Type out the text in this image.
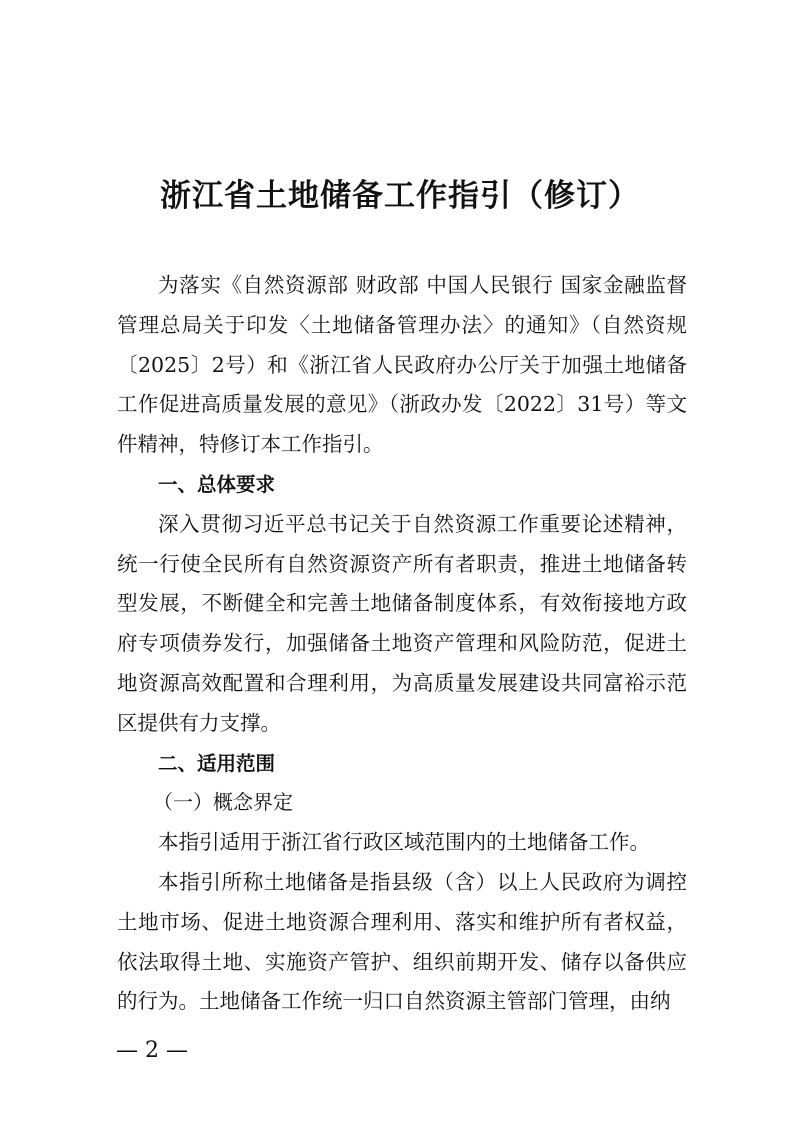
浙江省土地储备工作指引（修订）

为落实《自然资源部 财政部 中国人民银行 国家金融监督管理总局关于印发〈土地储备管理办法〉的通知》（自然资规〔2025〕2号）和《浙江省人民政府办公厅关于加强土地储备工作促进高质量发展的意见》（浙政办发〔2022〕31号）等文件精神，特修订本工作指引。

一、总体要求

深入贯彻习近平总书记关于自然资源工作重要论述精神，统一行使全民所有自然资源资产所有者职责，推进土地储备转型发展，不断健全和完善土地储备制度体系，有效衔接地方政府专项债券发行，加强储备土地资产管理和风险防范，促进土地资源高效配置和合理利用，为高质量发展建设共同富裕示范区提供有力支撑。

二、适用范围

（一）概念界定

本指引适用于浙江省行政区域范围内的土地储备工作。

本指引所称土地储备是指县级（含）以上人民政府为调控土地市场、促进土地资源合理利用、落实和维护所有者权益，依法取得土地、实施资产管护、组织前期开发、储存以备供应的行为。土地储备工作统一归口自然资源主管部门管理，由纳

— 2 —
